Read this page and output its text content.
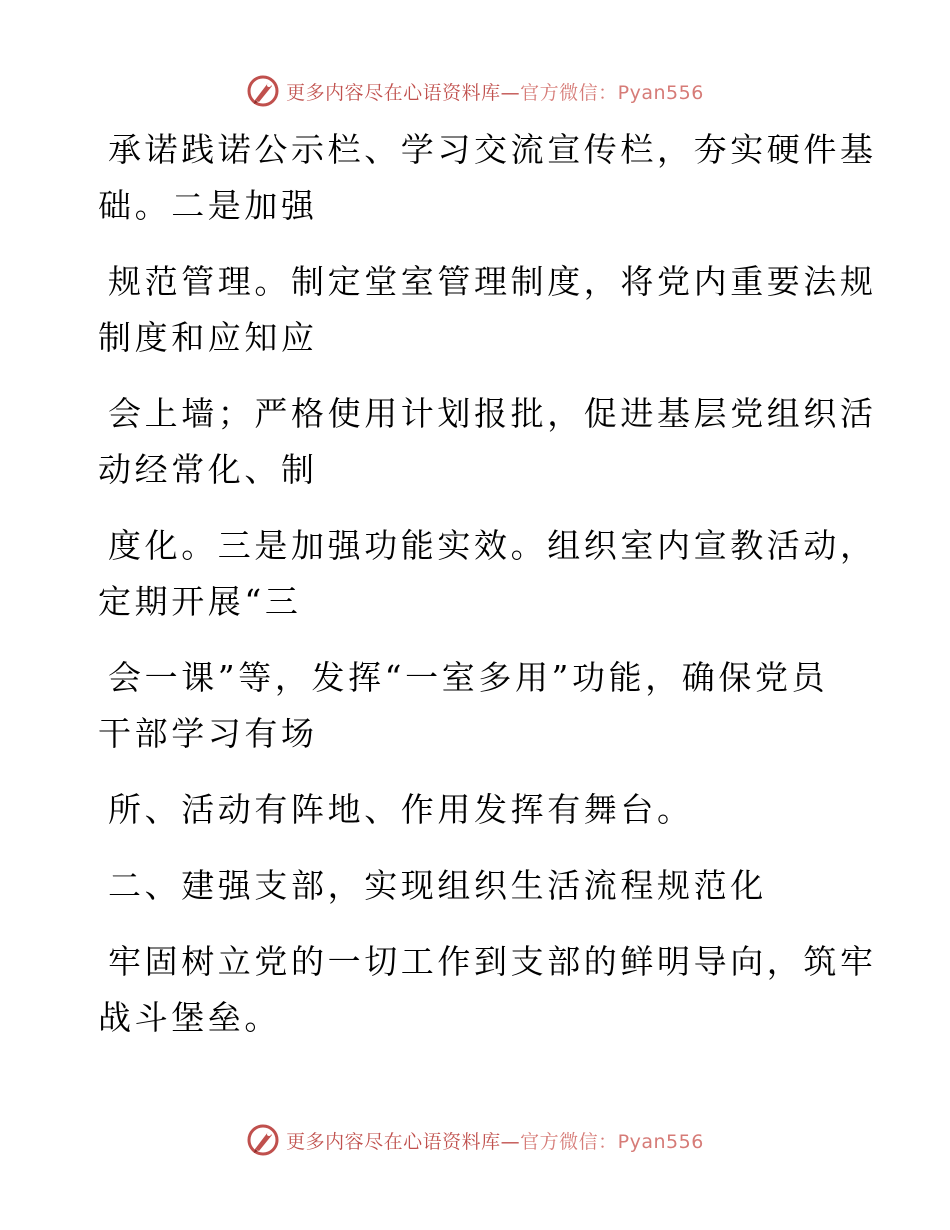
更多内容尽在心语资料库—官方微信：Pyan556
承诺践诺公示栏、学习交流宣传栏，夯实硬件基
础。二是加强
规范管理。制定堂室管理制度，将党内重要法规
制度和应知应
会上墙；严格使用计划报批，促进基层党组织活
动经常化、制
度化。三是加强功能实效。组织室内宣教活动，
定期开展“三
会一课”等，发挥“一室多用”功能，确保党员
干部学习有场
所、活动有阵地、作用发挥有舞台。
二、建强支部，实现组织生活流程规范化
牢固树立党的一切工作到支部的鲜明导向，筑牢
战斗堡垒。
更多内容尽在心语资料库—官方微信：Pyan556
